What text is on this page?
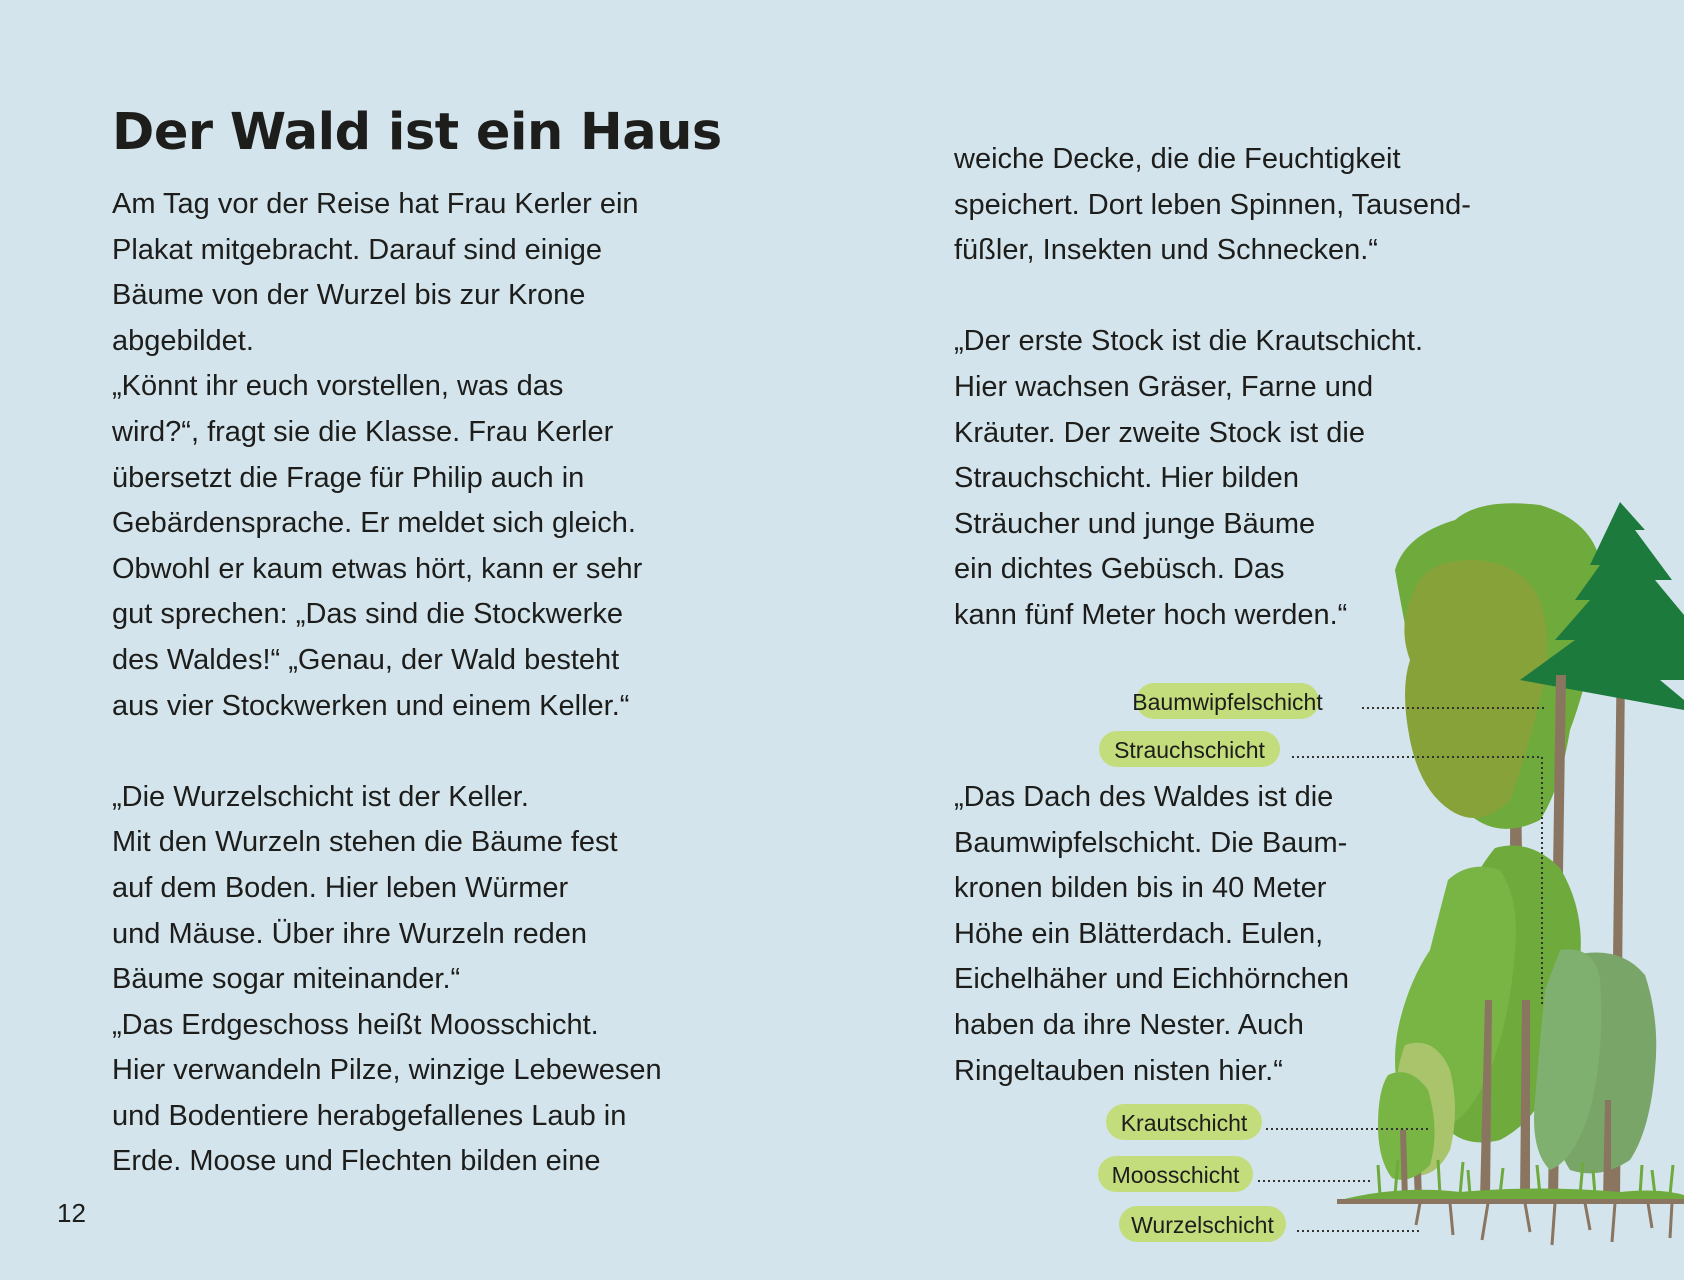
Der Wald ist ein Haus

Am Tag vor der Reise hat Frau Kerler ein

Plakat mitgebracht. Darauf sind einige

Bäume von der Wurzel bis zur Krone

abgebildet.

„Könnt ihr euch vorstellen, was das

wird?“, fragt sie die Klasse. Frau Kerler

übersetzt die Frage für Philip auch in

Gebärdensprache. Er meldet sich gleich.

Obwohl er kaum etwas hört, kann er sehr

gut sprechen: „Das sind die Stockwerke

des Waldes!“ „Genau, der Wald besteht

aus vier Stockwerken und einem Keller.“

„Die Wurzelschicht ist der Keller.

Mit den Wurzeln stehen die Bäume fest

auf dem Boden. Hier leben Würmer

und Mäuse. Über ihre Wurzeln reden

Bäume sogar miteinander.“

„Das Erdgeschoss heißt Moosschicht.

Hier verwandeln Pilze, winzige Lebewesen

und Bodentiere herabgefallenes Laub in

Erde. Moose und Flechten bilden eine

weiche Decke, die die Feuchtigkeit

speichert. Dort leben Spinnen, Tausend-

füßler, Insekten und Schnecken.“

„Der erste Stock ist die Krautschicht.

Hier wachsen Gräser, Farne und

Kräuter. Der zweite Stock ist die

Strauchschicht. Hier bilden

Sträucher und junge Bäume

ein dichtes Gebüsch. Das

kann fünf Meter hoch werden.“

„Das Dach des Waldes ist die

Baumwipfelschicht. Die Baum-

kronen bilden bis in 40 Meter

Höhe ein Blätterdach. Eulen,

Eichelhäher und Eichhörnchen

haben da ihre Nester. Auch

Ringeltauben nisten hier.“

Baumwipfelschicht
Strauchschicht
Krautschicht
Moosschicht
Wurzelschicht
12
